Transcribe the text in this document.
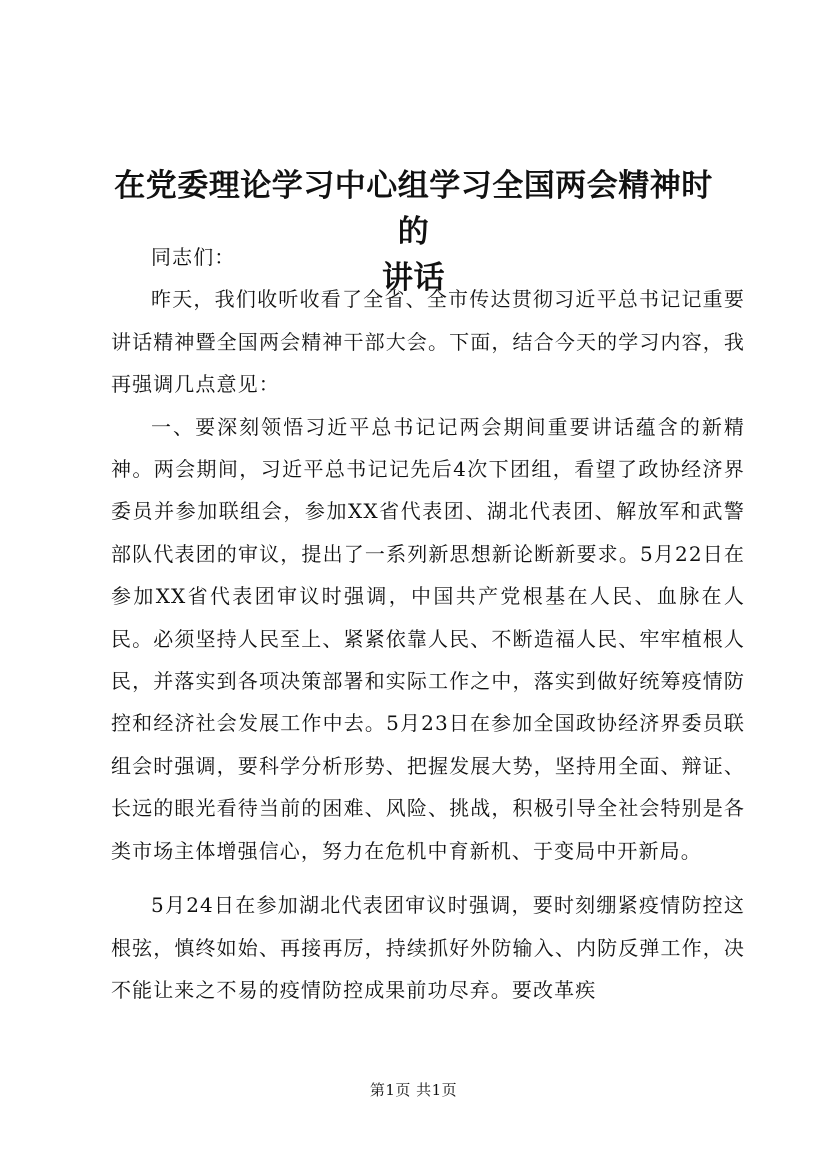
在党委理论学习中心组学习全国两会精神时的
讲话

同志们：

昨天，我们收听收看了全省、全市传达贯彻习近平总书记记重要讲话精神暨全国两会精神干部大会。下面，结合今天的学习内容，我再强调几点意见：

一、要深刻领悟习近平总书记记两会期间重要讲话蕴含的新精神。两会期间，习近平总书记记先后4次下团组，看望了政协经济界委员并参加联组会，参加XX省代表团、湖北代表团、解放军和武警部队代表团的审议，提出了一系列新思想新论断新要求。5月22日在参加XX省代表团审议时强调，中国共产党根基在人民、血脉在人民。必须坚持人民至上、紧紧依靠人民、不断造福人民、牢牢植根人民，并落实到各项决策部署和实际工作之中，落实到做好统筹疫情防控和经济社会发展工作中去。5月23日在参加全国政协经济界委员联组会时强调，要科学分析形势、把握发展大势，坚持用全面、辩证、长远的眼光看待当前的困难、风险、挑战，积极引导全社会特别是各类市场主体增强信心，努力在危机中育新机、于变局中开新局。

5月24日在参加湖北代表团审议时强调，要时刻绷紧疫情防控这根弦，慎终如始、再接再厉，持续抓好外防输入、内防反弹工作，决不能让来之不易的疫情防控成果前功尽弃。要改革疾

第1页 共1页
